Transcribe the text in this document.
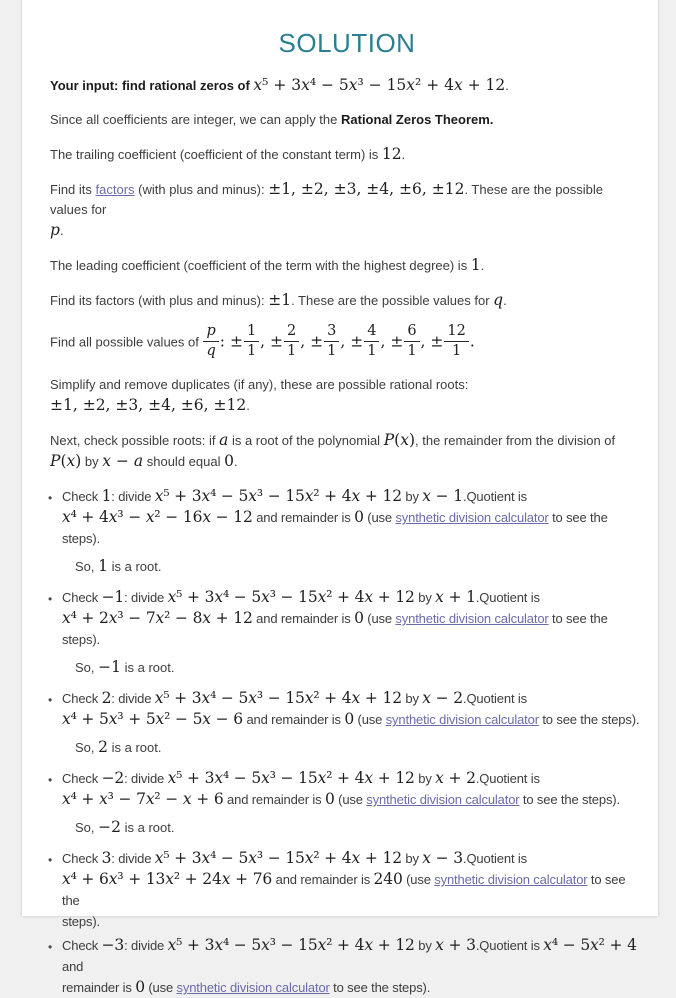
SOLUTION

Your input: find rational zeros of x⁵ + 3x⁴ − 5x³ − 15x² + 4x + 12.

Since all coefficients are integer, we can apply the Rational Zeros Theorem.

The trailing coefficient (coefficient of the constant term) is 12.

Find its factors (with plus and minus): ±1, ±2, ±3, ±4, ±6, ±12. These are the possible values for
p.

The leading coefficient (coefficient of the term with the highest degree) is 1.

Find its factors (with plus and minus): ±1. These are the possible values for q.

Find all possible values of $\frac{p}{q}$ : ± $\frac{1}{1}$ , ± $\frac{2}{1}$ , ± $\frac{3}{1}$ , ± $\frac{4}{1}$ , ± $\frac{6}{1}$ , ± $\frac{12}{1}$ .

Simplify and remove duplicates (if any), these are possible rational roots:
±1, ±2, ±3, ±4, ±6, ±12.

Next, check possible roots: if a is a root of the polynomial P(x), the remainder from the division of
P(x) by x − a should equal 0.

• Check 1: divide x⁵ + 3x⁴ − 5x³ − 15x² + 4x + 12 by x − 1.Quotient is
x⁴ + 4x³ − x² − 16x − 12 and remainder is 0 (use synthetic division calculator to see the steps).
So, 1 is a root.
• Check −1: divide x⁵ + 3x⁴ − 5x³ − 15x² + 4x + 12 by x + 1.Quotient is
x⁴ + 2x³ − 7x² − 8x + 12 and remainder is 0 (use synthetic division calculator to see the steps).
So, −1 is a root.
• Check 2: divide x⁵ + 3x⁴ − 5x³ − 15x² + 4x + 12 by x − 2.Quotient is
x⁴ + 5x³ + 5x² − 5x − 6 and remainder is 0 (use synthetic division calculator to see the steps).
So, 2 is a root.
• Check −2: divide x⁵ + 3x⁴ − 5x³ − 15x² + 4x + 12 by x + 2.Quotient is
x⁴ + x³ − 7x² − x + 6 and remainder is 0 (use synthetic division calculator to see the steps).
So, −2 is a root.
• Check 3: divide x⁵ + 3x⁴ − 5x³ − 15x² + 4x + 12 by x − 3.Quotient is
x⁴ + 6x³ + 13x² + 24x + 76 and remainder is 240 (use synthetic division calculator to see the
steps).
• Check −3: divide x⁵ + 3x⁴ − 5x³ − 15x² + 4x + 12 by x + 3.Quotient is x⁴ − 5x² + 4 and
remainder is 0 (use synthetic division calculator to see the steps).
